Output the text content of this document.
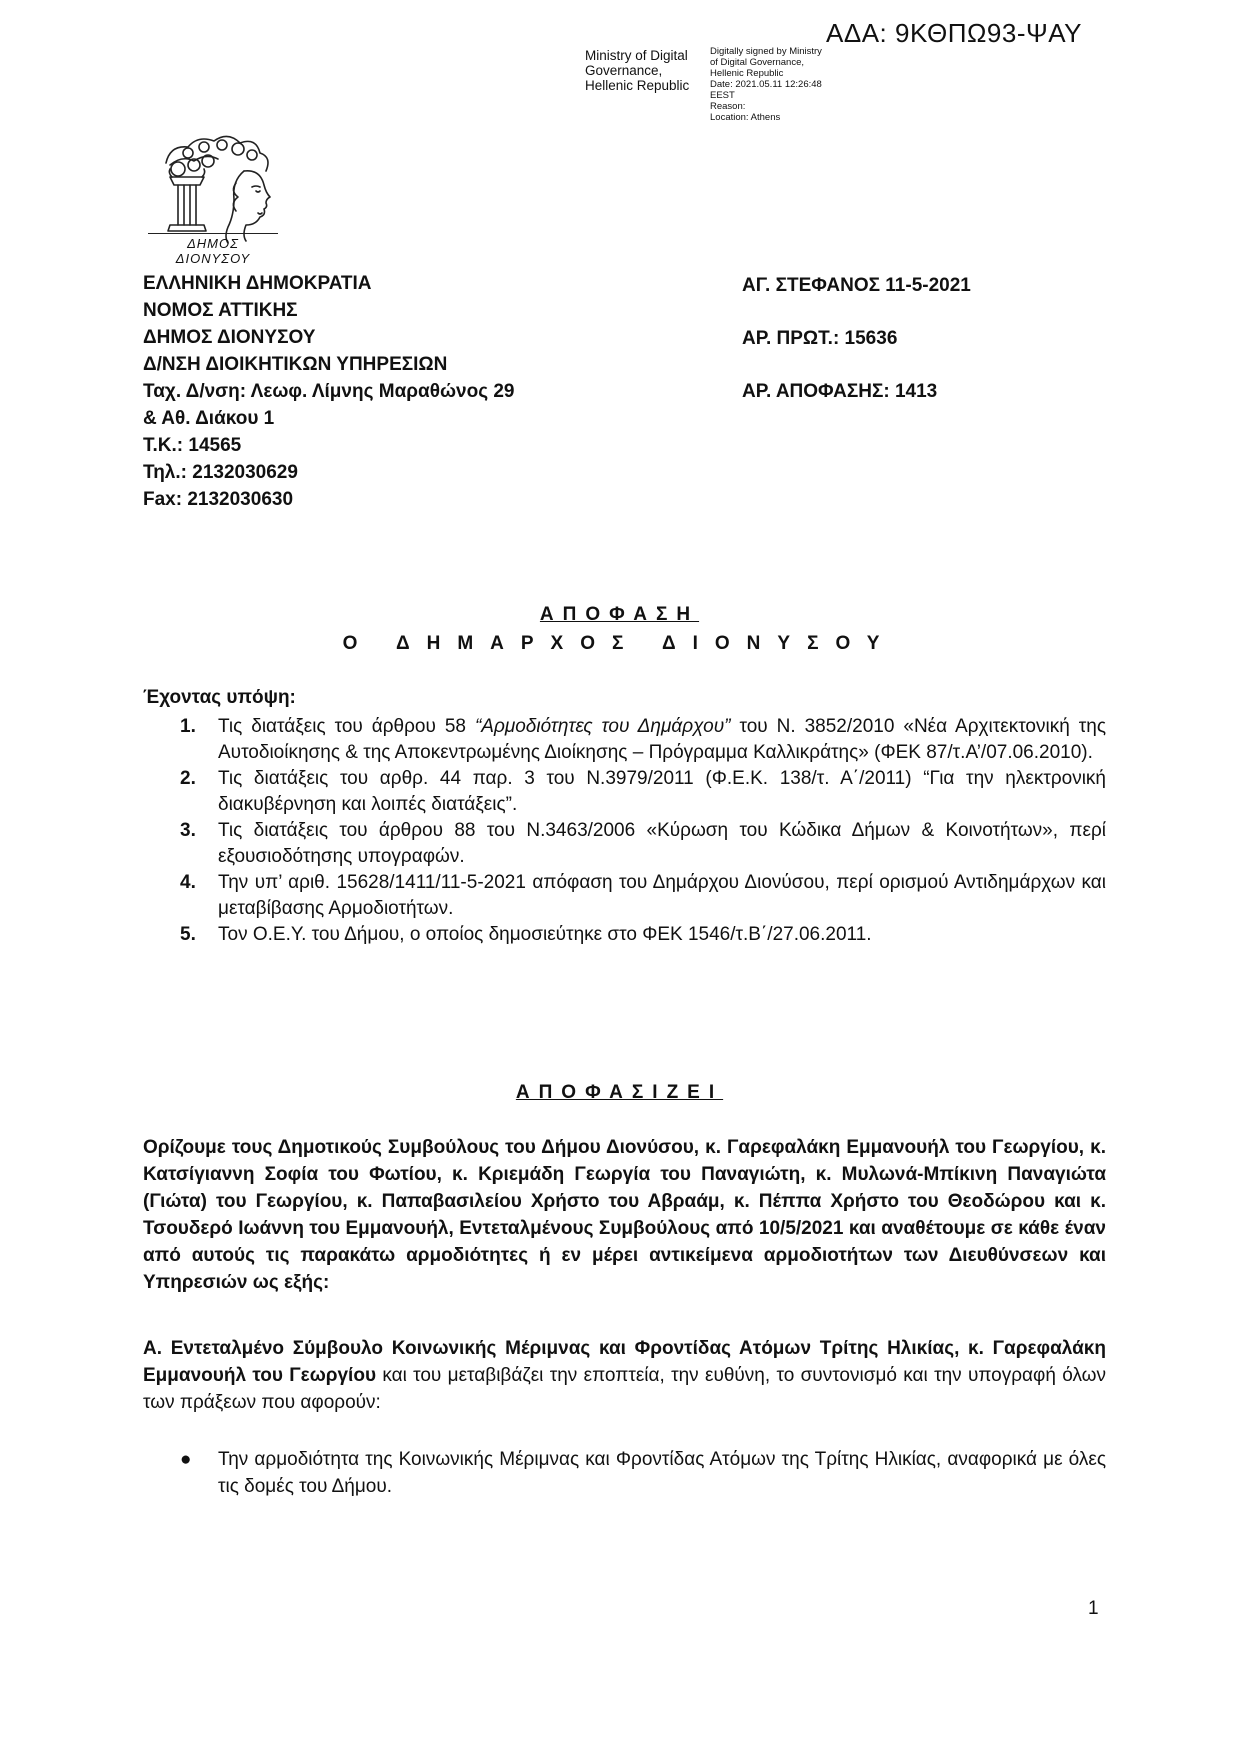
ΑΔΑ: 9ΚΘΠΩ93-ΨΑΥ
Ministry of Digital
Governance,
Hellenic Republic
Digitally signed by Ministry
of Digital Governance,
Hellenic Republic
Date: 2021.05.11 12:26:48
EEST
Reason:
Location: Athens
ΔΗΜΟΣ ΔΙΟΝΥΣΟΥ
ΕΛΛΗΝΙΚΗ ΔΗΜΟΚΡΑΤΙΑ
ΝΟΜΟΣ ΑΤΤΙΚΗΣ
ΔΗΜΟΣ ΔΙΟΝΥΣΟΥ
Δ/ΝΣΗ ΔΙΟΙΚΗΤΙΚΩΝ ΥΠΗΡΕΣΙΩΝ
Ταχ. Δ/νση: Λεωφ. Λίμνης Μαραθώνος 29
& Αθ. Διάκου 1
Τ.Κ.: 14565
Τηλ.: 2132030629
Fax: 2132030630
ΑΓ. ΣΤΕΦΑΝΟΣ 11-5-2021
ΑΡ. ΠΡΩΤ.: 15636
ΑΡ. ΑΠΟΦΑΣΗΣ: 1413
ΑΠΟΦΑΣΗ
Ο ΔΗΜΑΡΧΟΣ ΔΙΟΝΥΣΟΥ
Έχοντας υπόψη:
1. Τις διατάξεις του άρθρου 58 “Αρμοδιότητες του Δημάρχου” του Ν. 3852/2010 «Νέα Αρχιτεκτονική της Αυτοδιοίκησης & της Αποκεντρωμένης Διοίκησης – Πρόγραμμα Καλλικράτης» (ΦΕΚ 87/τ.Α’/07.06.2010).
2. Τις διατάξεις του αρθρ. 44 παρ. 3 του Ν.3979/2011 (Φ.Ε.Κ. 138/τ. Α΄/2011) “Για την ηλεκτρονική διακυβέρνηση και λοιπές διατάξεις”.
3. Τις διατάξεις του άρθρου 88 του Ν.3463/2006 «Κύρωση του Κώδικα Δήμων & Κοινοτήτων», περί εξουσιοδότησης υπογραφών.
4. Την υπ’ αριθ. 15628/1411/11-5-2021 απόφαση του Δημάρχου Διονύσου, περί ορισμού Αντιδημάρχων και μεταβίβασης Αρμοδιοτήτων.
5. Τον Ο.Ε.Υ. του Δήμου, ο οποίος δημοσιεύτηκε στο ΦΕΚ 1546/τ.Β΄/27.06.2011.
ΑΠΟΦΑΣΙΖΕΙ
Ορίζουμε τους Δημοτικούς Συμβούλους του Δήμου Διονύσου, κ. Γαρεφαλάκη Εμμανουήλ του Γεωργίου, κ. Κατσίγιαννη Σοφία του Φωτίου, κ. Κριεμάδη Γεωργία του Παναγιώτη, κ. Μυλωνά-Μπίκινη Παναγιώτα (Γιώτα) του Γεωργίου, κ. Παπαβασιλείου Χρήστο του Αβραάμ, κ. Πέππα Χρήστο του Θεοδώρου και κ. Τσουδερό Ιωάννη του Εμμανουήλ, Εντεταλμένους Συμβούλους από 10/5/2021 και αναθέτουμε σε κάθε έναν από αυτούς τις παρακάτω αρμοδιότητες ή εν μέρει αντικείμενα αρμοδιοτήτων των Διευθύνσεων και Υπηρεσιών ως εξής:
Α. Εντεταλμένο Σύμβουλο Κοινωνικής Μέριμνας και Φροντίδας Ατόμων Τρίτης Ηλικίας, κ. Γαρεφαλάκη Εμμανουήλ του Γεωργίου και του μεταβιβάζει την εποπτεία, την ευθύνη, το συντονισμό και την υπογραφή όλων των πράξεων που αφορούν:
●	Την αρμοδιότητα της Κοινωνικής Μέριμνας και Φροντίδας Ατόμων της Τρίτης Ηλικίας, αναφορικά με όλες τις δομές του Δήμου.
1
